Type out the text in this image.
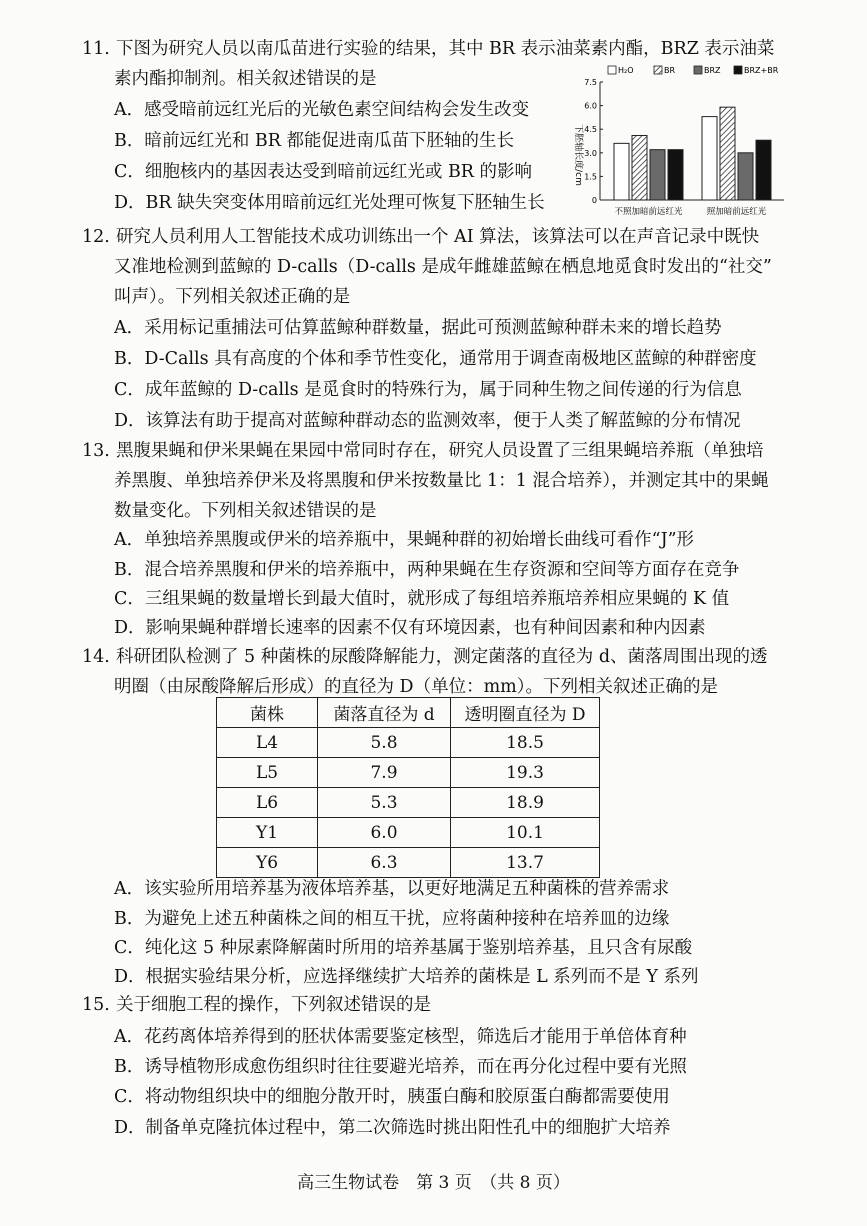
11. 下图为研究人员以南瓜苗进行实验的结果，其中 BR 表示油菜素内酯，BRZ 表示油菜
素内酯抑制剂。相关叙述错误的是
A．感受暗前远红光后的光敏色素空间结构会发生改变
B．暗前远红光和 BR 都能促进南瓜苗下胚轴的生长
C．细胞核内的基因表达受到暗前远红光或 BR 的影响
D．BR 缺失突变体用暗前远红光处理可恢复下胚轴生长
H₂O	BR	BRZ	BRZ+BR
下胚轴长度/cm
0
1.5
3.0
4.5
6.0
7.5
不照加暗前远红光	照加暗前远红光
12. 研究人员利用人工智能技术成功训练出一个 AI 算法，该算法可以在声音记录中既快
又准地检测到蓝鲸的 D-calls（D-calls 是成年雌雄蓝鲸在栖息地觅食时发出的“社交”
叫声）。下列相关叙述正确的是
A．采用标记重捕法可估算蓝鲸种群数量，据此可预测蓝鲸种群未来的增长趋势
B．D-Calls 具有高度的个体和季节性变化，通常用于调查南极地区蓝鲸的种群密度
C．成年蓝鲸的 D-calls 是觅食时的特殊行为，属于同种生物之间传递的行为信息
D．该算法有助于提高对蓝鲸种群动态的监测效率，便于人类了解蓝鲸的分布情况
13. 黑腹果蝇和伊米果蝇在果园中常同时存在，研究人员设置了三组果蝇培养瓶（单独培
养黑腹、单独培养伊米及将黑腹和伊米按数量比 1：1 混合培养），并测定其中的果蝇
数量变化。下列相关叙述错误的是
A．单独培养黑腹或伊米的培养瓶中，果蝇种群的初始增长曲线可看作“J”形
B．混合培养黑腹和伊米的培养瓶中，两种果蝇在生存资源和空间等方面存在竞争
C．三组果蝇的数量增长到最大值时，就形成了每组培养瓶培养相应果蝇的 K 值
D．影响果蝇种群增长速率的因素不仅有环境因素，也有种间因素和种内因素
14. 科研团队检测了 5 种菌株的尿酸降解能力，测定菌落的直径为 d、菌落周围出现的透
明圈（由尿酸降解后形成）的直径为 D（单位：mm）。下列相关叙述正确的是
菌株	菌落直径为 d	透明圈直径为 D
L4	5.8	18.5
L5	7.9	19.3
L6	5.3	18.9
Y1	6.0	10.1
Y6	6.3	13.7
A．该实验所用培养基为液体培养基，以更好地满足五种菌株的营养需求
B．为避免上述五种菌株之间的相互干扰，应将菌种接种在培养皿的边缘
C．纯化这 5 种尿素降解菌时所用的培养基属于鉴别培养基，且只含有尿酸
D．根据实验结果分析，应选择继续扩大培养的菌株是 L 系列而不是 Y 系列
15. 关于细胞工程的操作，下列叙述错误的是
A．花药离体培养得到的胚状体需要鉴定核型，筛选后才能用于单倍体育种
B．诱导植物形成愈伤组织时往往要避光培养，而在再分化过程中要有光照
C．将动物组织块中的细胞分散开时，胰蛋白酶和胶原蛋白酶都需要使用
D．制备单克隆抗体过程中，第二次筛选时挑出阳性孔中的细胞扩大培养
高三生物试卷　第 3 页　（共 8 页）
